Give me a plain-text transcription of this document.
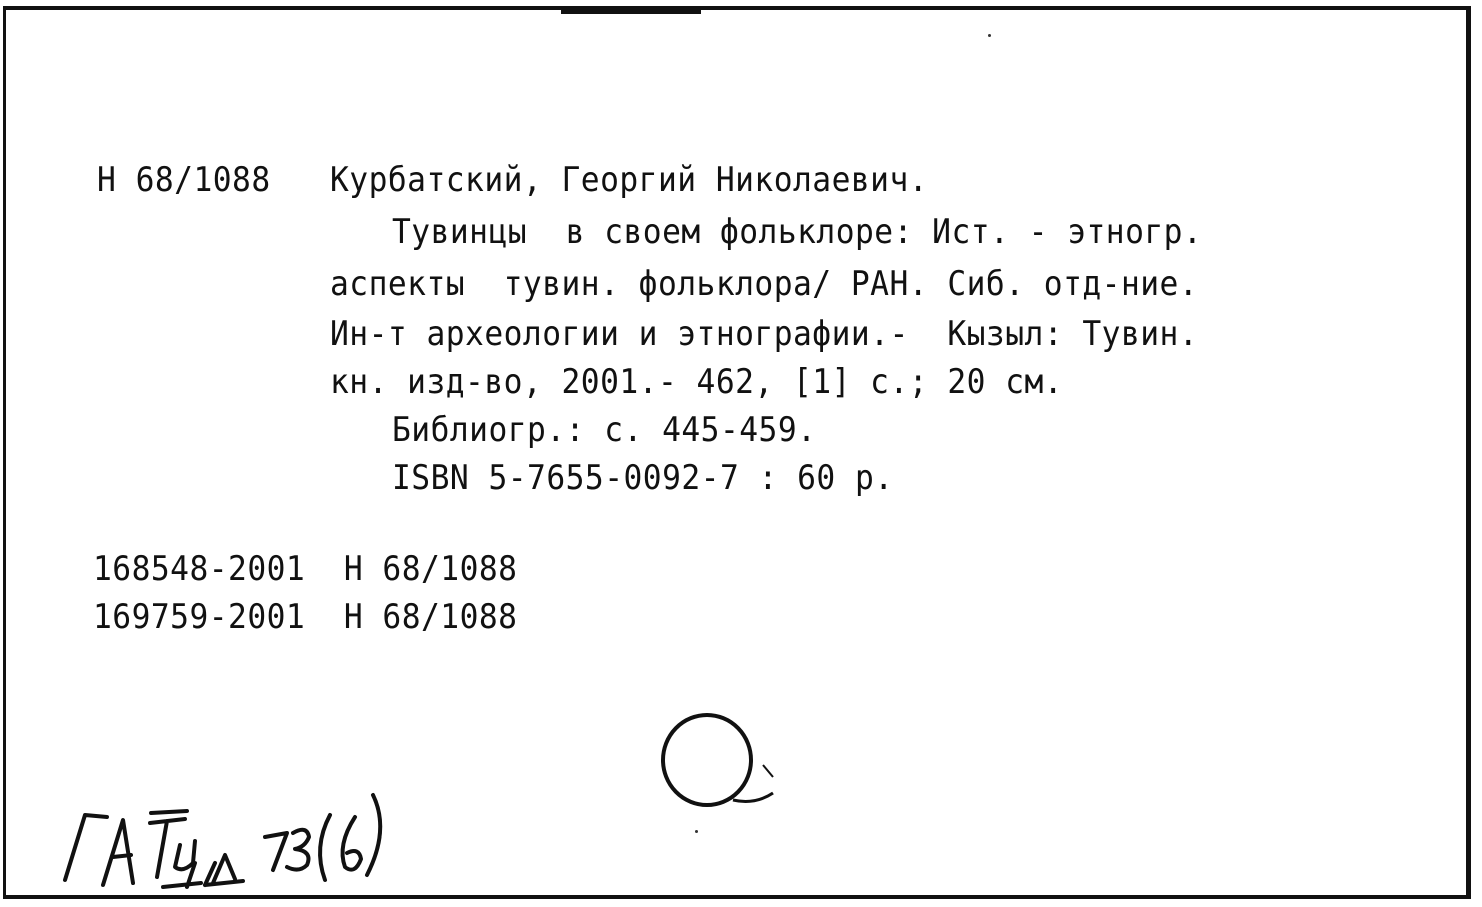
Н 68/1088 Курбатский, Георгий Николаевич.
Тувинцы  в своем фольклоре: Ист. - этногр.
аспекты  тувин. фольклора/ РАН. Сиб. отд-ние.
Ин-т археологии и этнографии.-  Кызыл: Тувин.
кн. изд-во, 2001.- 462, [1] с.; 20 см.
Библиогр.: с. 445-459.
ISBN 5-7655-0092-7 : 60 р.
168548-2001 Н 68/1088
169759-2001 Н 68/1088
